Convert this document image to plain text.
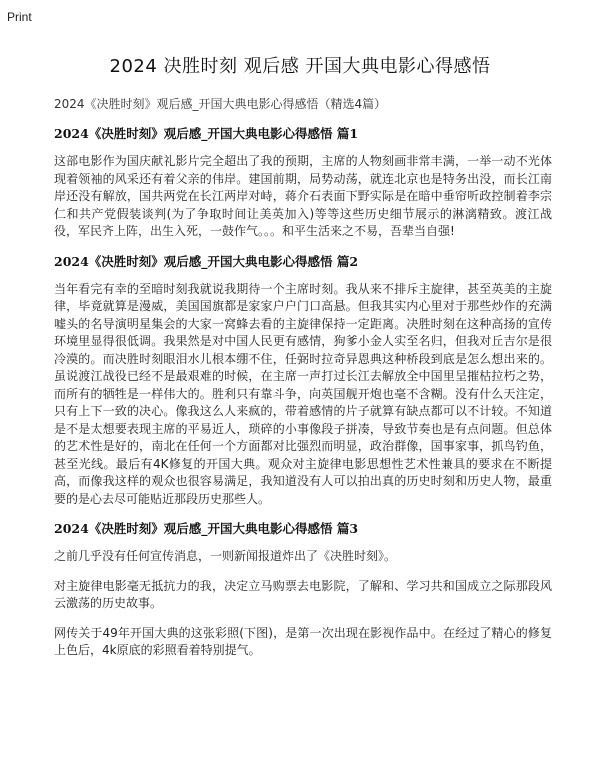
Print
2024 决胜时刻 观后感 开国大典电影心得感悟

2024《决胜时刻》观后感_开国大典电影心得感悟（精选4篇）

2024《决胜时刻》观后感_开国大典电影心得感悟 篇1

这部电影作为国庆献礼影片完全超出了我的预期，主席的人物刻画非常丰满，一举一动不光体现着领袖的风采还有着父亲的伟岸。建国前期，局势动荡，就连北京也是特务出没，而长江南岸还没有解放，国共两党在长江两岸对峙，蒋介石表面下野实际是在暗中垂帘听政控制着李宗仁和共产党假装谈判(为了争取时间让美英加入)等等这些历史细节展示的淋漓精致。渡江战役，军民齐上阵，出生入死，一鼓作气。。。和平生活来之不易，吾辈当自强!

2024《决胜时刻》观后感_开国大典电影心得感悟 篇2

当年看完有幸的至暗时刻我就说我期待一个主席时刻。我从来不排斥主旋律，甚至英美的主旋律，毕竟就算是漫威，美国国旗都是家家户户门口高悬。但我其实内心里对于那些炒作的充满嘘头的名导演明星集会的大家一窝蜂去看的主旋律保持一定距离。决胜时刻在这种高扬的宣传环境里显得很低调。我果然是对中国人民更有感情，狗爹小金人实至名归，但我对丘吉尔是很冷漠的。而决胜时刻眼泪水儿根本绷不住，任弼时拉奇异恩典这种桥段到底是怎么想出来的。虽说渡江战役已经不是最艰难的时候，在主席一声打过长江去解放全中国里呈摧枯拉朽之势，而所有的牺牲是一样伟大的。胜利只有靠斗争，向英国舰开炮也毫不含糊。没有什么天注定，只有上下一致的决心。像我这么人来疯的，带着感情的片子就算有缺点都可以不计较。不知道是不是太想要表现主席的平易近人，琐碎的小事像段子拼凑，导致节奏也是有点问题。但总体的艺术性是好的，南北在任何一个方面都对比强烈而明显，政治群像，国事家事，抓鸟钓鱼，甚至光线。最后有4K修复的开国大典。观众对主旋律电影思想性艺术性兼具的要求在不断提高，而像我这样的观众也很容易满足，我知道没有人可以拍出真的历史时刻和历史人物，最重要的是心去尽可能贴近那段历史那些人。

2024《决胜时刻》观后感_开国大典电影心得感悟 篇3

之前几乎没有任何宣传消息，一则新闻报道炸出了《决胜时刻》。

对主旋律电影毫无抵抗力的我，决定立马购票去电影院，了解和、学习共和国成立之际那段风云激荡的历史故事。

网传关于49年开国大典的这张彩照(下图)，是第一次出现在影视作品中。在经过了精心的修复上色后，4k原底的彩照看着特别提气。
